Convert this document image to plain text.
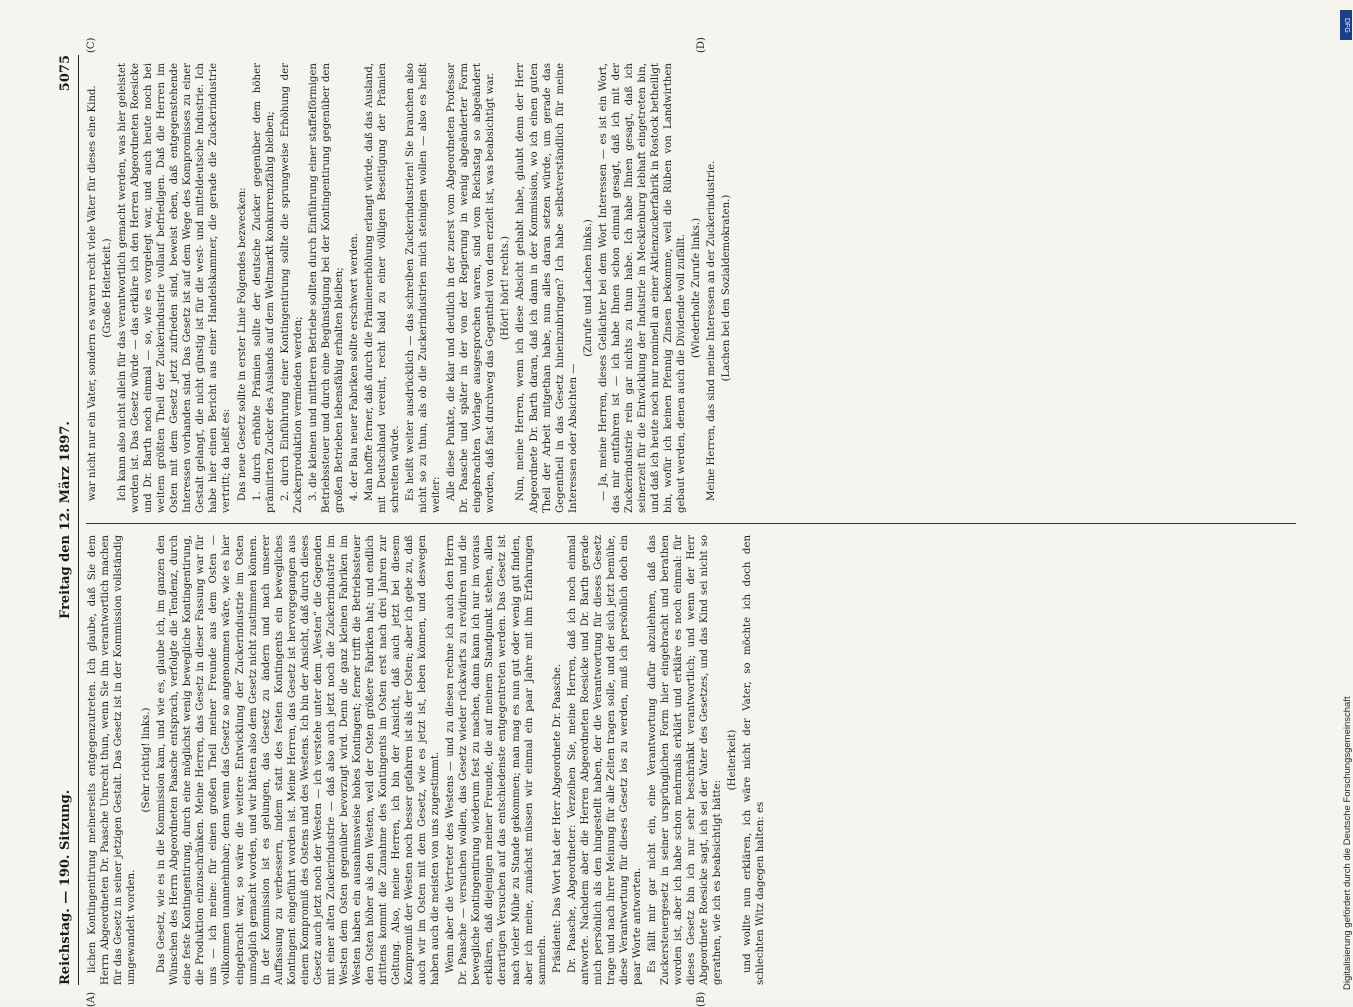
Reichstag. — 190. Sitzung.
Freitag den 12. März 1897.
5075
(A)	(B)
(C)	(D)

lichen Kontingentirung meinerseits entgegenzutreten. Ich glaube, daß Sie dem Herrn Abgeordneten Dr. Paasche Unrecht thun, wenn Sie ihn verantwortlich machen für das Gesetz in seiner jetzigen Gestalt. Das Gesetz ist in der Kommission vollständig umgewandelt worden.

(Sehr richtig! links.) Das Gesetz, wie es in die Kommission kam, und wie es, glaube ich, im ganzen den Wünschen des Herrn Abgeordneten Paasche entsprach, verfolgte die Tendenz, durch eine feste Kontingentirung, durch eine möglichst wenig bewegliche Kontingentirung, die Produktion einzuschränken. Meine Herren, das Gesetz in dieser Fassung war für uns — ich meine: für einen großen Theil meiner Freunde aus dem Osten — vollkommen unannehmbar; denn wenn das Gesetz so angenommen wäre, wie es hier eingebracht war, so wäre die weitere Entwicklung der Zuckerindustrie im Osten unmöglich gemacht worden, und wir hätten also dem Gesetz nicht zustimmen können. In der Kommission ist es gelungen, das Gesetz zu ändern und nach unserer Auffassung zu verbessern, indem statt des festen Kontingents ein bewegliches Kontingent eingeführt worden ist. Meine Herren, das Gesetz ist hervorgegangen aus einem Kompromiß des Ostens und des Westens. Ich bin der Ansicht, daß durch dieses Gesetz auch jetzt noch der Westen — ich verstehe unter dem „Westen“ die Gegenden mit einer alten Zuckerindustrie — daß also auch jetzt noch die Zuckerindustrie im Westen dem Osten gegenüber bevorzugt wird. Denn die ganz kleinen Fabriken im Westen haben ein ausnahmsweise hohes Kontingent; ferner trifft die Betriebssteuer den Osten höher als den Westen, weil der Osten größere Fabriken hat; und endlich drittens kommt die Zunahme des Kontingents im Osten erst nach drei Jahren zur Geltung. Also, meine Herren, ich bin der Ansicht, daß auch jetzt bei diesem Kompromiß der Westen noch besser gefahren ist als der Osten; aber ich gebe zu, daß auch wir im Osten mit dem Gesetz, wie es jetzt ist, leben können, und deswegen haben auch die meisten von uns zugestimmt. Wenn aber die Vertreter des Westens — und zu diesen rechne ich auch den Herrn Dr. Paasche — versuchen wollen, das Gesetz wieder rückwärts zu revidiren und die bewegliche Kontingentirung wiederum fest zu machen, dann kann ich nur im voraus erklären, daß diejenigen meiner Freunde, die auf meinem Standpunkt stehen, allen derartigen Versuchen auf das entschiedenste entgegentreten werden. Das Gesetz ist nach vieler Mühe zu Stande gekommen; man mag es nun gut oder wenig gut finden, aber ich meine, zunächst müssen wir einmal ein paar Jahre mit ihm Erfahrungen sammeln. Präsident: Das Wort hat der Herr Abgeordnete Dr. Paasche. Dr. Paasche, Abgeordneter: Verzeihen Sie, meine Herren, daß ich noch einmal antworte. Nachdem aber die Herren Abgeordneten Roesicke und Dr. Barth gerade mich persönlich als den hingestellt haben, der die Verantwortung für dieses Gesetz trage und nach ihrer Meinung für alle Zeiten tragen solle, und der sich jetzt bemühe, diese Verantwortung für dieses Gesetz los zu werden, muß ich persönlich doch ein paar Worte antworten. Es fällt mir gar nicht ein, eine Verantwortung dafür abzulehnen, daß das Zuckersteuergesetz in seiner ursprünglichen Form hier eingebracht und berathen worden ist, aber ich habe schon mehrmals erklärt und erkläre es noch einmal: für dieses Gesetz bin ich nur sehr beschränkt verantwortlich; und wenn der Herr Abgeordnete Roesicke sagt, ich sei der Vater des Gesetzes, und das Kind sei nicht so gerathen, wie ich es beabsichtigt hätte:

(Heiterkeit) und wollte nun erklären, ich wäre nicht der Vater, so möchte ich doch den schlechten Witz dagegen halten: es

war nicht nur ein Vater, sondern es waren recht viele Väter für dieses eine Kind. (Große Heiterkeit.) Ich kann also nicht allein für das verantwortlich gemacht werden, was hier geleistet worden ist. Das Gesetz würde — das erkläre ich den Herren Abgeordneten Roesicke und Dr. Barth noch einmal — so, wie es vorgelegt war, und auch heute noch bei weitem größten Theil der Zuckerindustrie vollauf befriedigen. Daß die Herren im Osten mit dem Gesetz jetzt zufrieden sind, beweist eben, daß entgegenstehende Interessen vorhanden sind. Das Gesetz ist auf dem Wege des Kompromisses zu einer Gestalt gelangt, die nicht günstig ist für die west- und mitteldeutsche Industrie. Ich habe hier einen Bericht aus einer Handelskammer, die gerade die Zuckerindustrie vertritt; da heißt es: Das neue Gesetz sollte in erster Linie Folgendes bezwecken: 1. durch erhöhte Prämien sollte der deutsche Zucker gegenüber dem höher prämiirten Zucker des Auslands auf dem Weltmarkt konkurrenzfähig bleiben; 2. durch Einführung einer Kontingentirung sollte die sprungweise Erhöhung der Zuckerproduktion vermieden werden; 3. die kleinen und mittleren Betriebe sollten durch Einführung einer staffelförmigen Betriebssteuer und durch eine Begünstigung bei der Kontingentirung gegenüber den großen Betrieben lebensfähig erhalten bleiben; 4. der Bau neuer Fabriken sollte erschwert werden. Man hoffte ferner, daß durch die Prämienerhöhung erlangt würde, daß das Ausland, mit Deutschland vereint, recht bald zu einer völligen Beseitigung der Prämien schreiten würde. Es heißt weiter ausdrücklich — das schreiben Zuckerindustrien! Sie brauchen also nicht so zu thun, als ob die Zuckerindustrien mich steinigen wollen — also es heißt weiter: Alle diese Punkte, die klar und deutlich in der zuerst vom Abgeordneten Professor Dr. Paasche und später in der von der Regierung in wenig abgeänderter Form eingebrachten Vorlage ausgesprochen waren, sind vom Reichstag so abgeändert worden, daß fast durchweg das Gegentheil von dem erzielt ist, was beabsichtigt war. (Hört! hört! rechts.) Nun, meine Herren, wenn ich diese Absicht gehabt habe, glaubt denn der Herr Abgeordnete Dr. Barth daran, daß ich dann in der Kommission, wo ich einen guten Theil der Arbeit mitgethan habe, nun alles daran setzen würde, um gerade das Gegentheil in das Gesetz hineinzubringen? Ich habe selbstverständlich für meine Interessen oder Absichten —

(Zurufe und Lachen links.) — Ja, meine Herren, dieses Gelächter bei dem Wort Interessen — es ist ein Wort, das mir entfahren ist — ich habe Ihnen schon einmal gesagt, daß ich mit der Zuckerindustrie rein gar nichts zu thun habe. Ich habe Ihnen gesagt, daß ich seinerzeit für die Entwicklung der Industrie in Mecklenburg lebhaft eingetreten bin, und daß ich heute noch nur nominell an einer Aktienzuckerfabrik in Rostock betheiligt bin, wofür ich keinen Pfennig Zinsen bekomme, weil die Rüben von Landwirthen gebaut werden, denen auch die Dividende voll zufällt. (Wiederholte Zurufe links.) Meine Herren, das sind meine Interessen an der Zuckerindustrie. (Lachen bei den Sozialdemokraten.)

DFG
Digitalisierung gefördert durch die Deutsche Forschungsgemeinschaft
